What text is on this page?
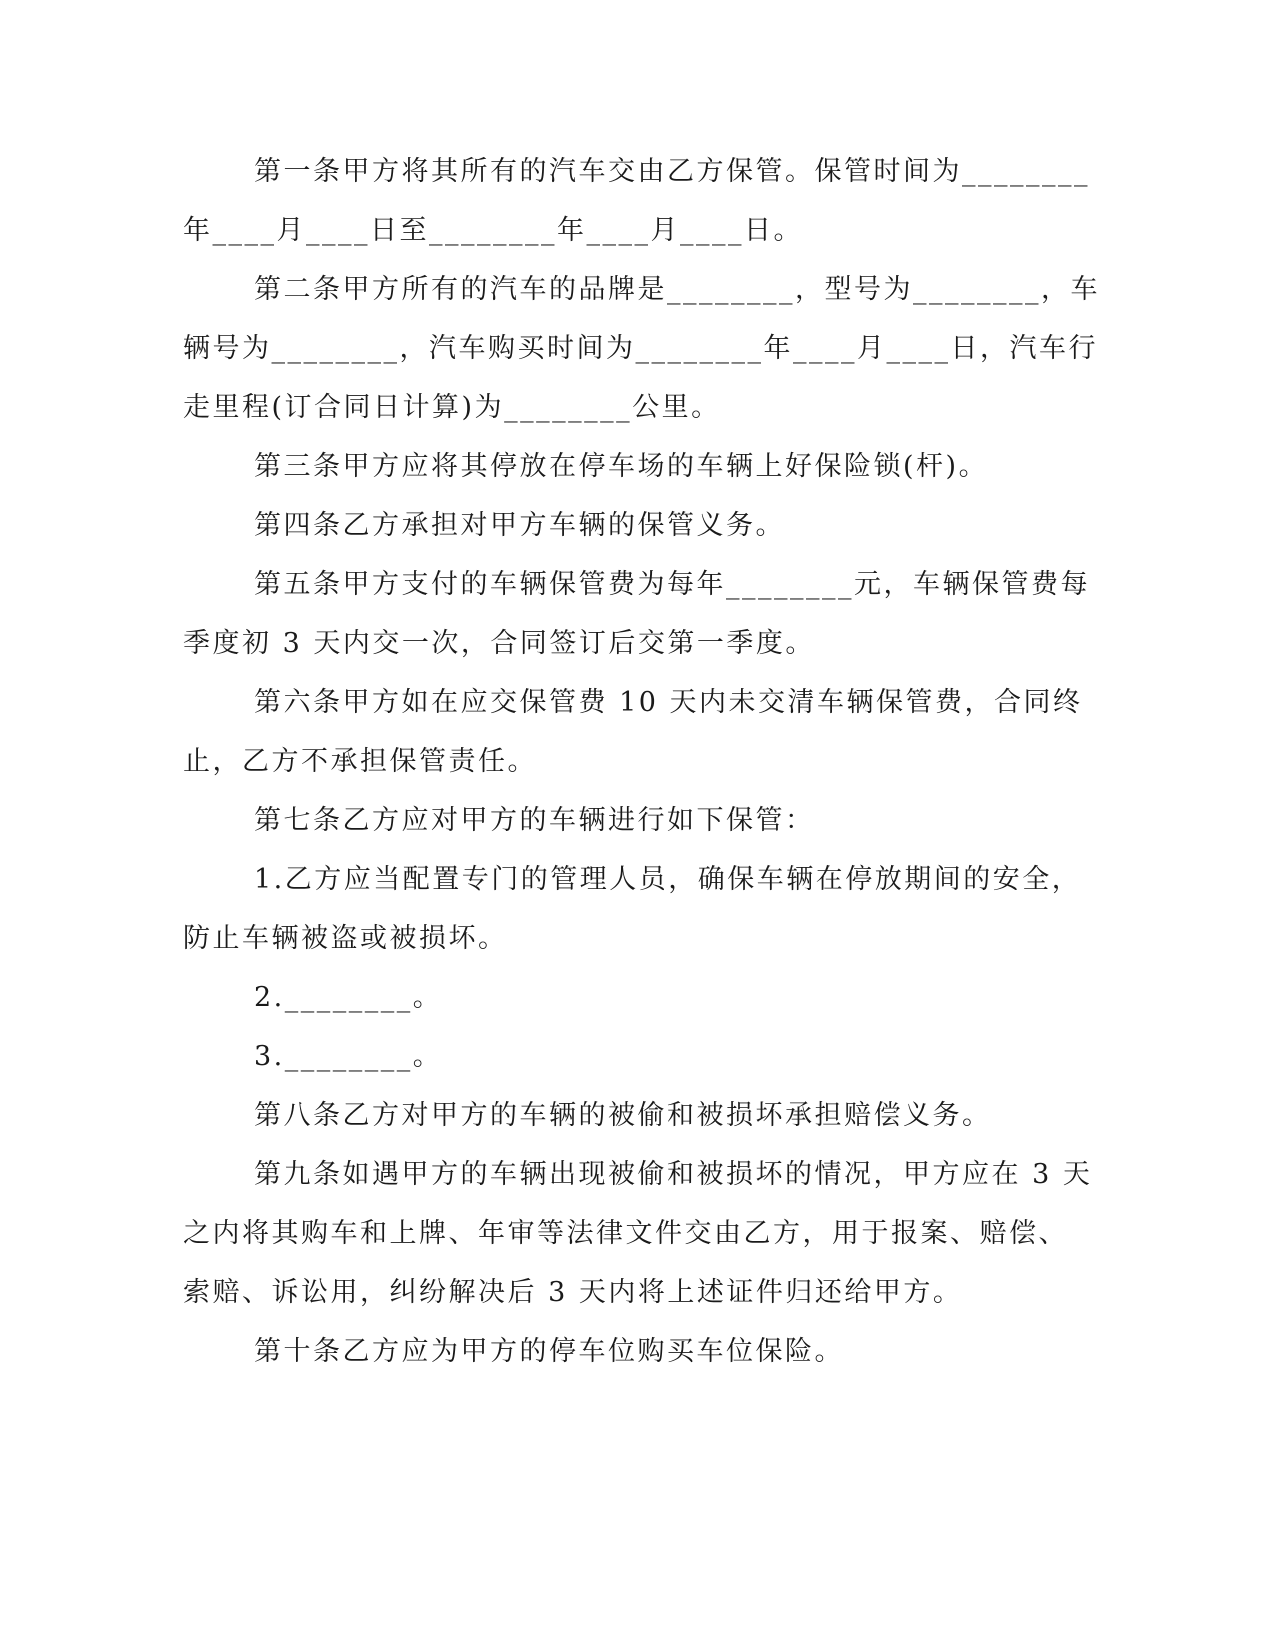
第一条甲方将其所有的汽车交由乙方保管。保管时间为________
年____月____日至________年____月____日。
第二条甲方所有的汽车的品牌是________，型号为________，车
辆号为________，汽车购买时间为________年____月____日，汽车行
走里程(订合同日计算)为________公里。
第三条甲方应将其停放在停车场的车辆上好保险锁(杆)。
第四条乙方承担对甲方车辆的保管义务。
第五条甲方支付的车辆保管费为每年________元，车辆保管费每
季度初 3 天内交一次，合同签订后交第一季度。
第六条甲方如在应交保管费 10 天内未交清车辆保管费，合同终
止，乙方不承担保管责任。
第七条乙方应对甲方的车辆进行如下保管：
1.乙方应当配置专门的管理人员，确保车辆在停放期间的安全，
防止车辆被盗或被损坏。
2.________。
3.________。
第八条乙方对甲方的车辆的被偷和被损坏承担赔偿义务。
第九条如遇甲方的车辆出现被偷和被损坏的情况，甲方应在 3 天
之内将其购车和上牌、年审等法律文件交由乙方，用于报案、赔偿、
索赔、诉讼用，纠纷解决后 3 天内将上述证件归还给甲方。
第十条乙方应为甲方的停车位购买车位保险。
